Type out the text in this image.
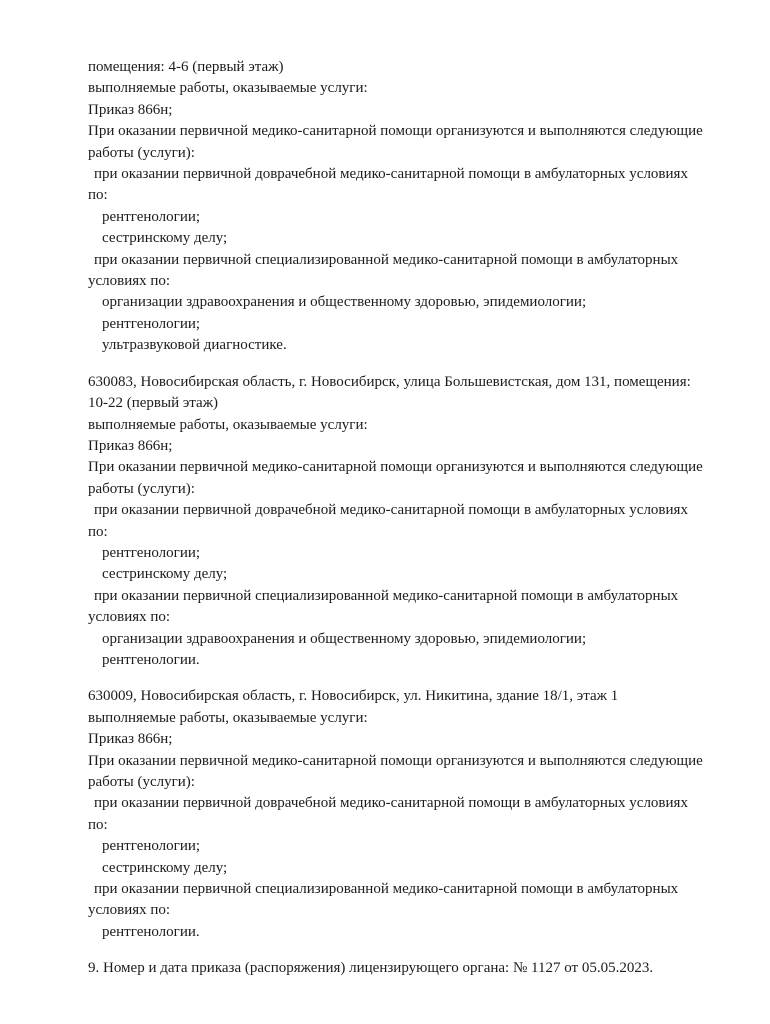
помещения: 4-6 (первый этаж)
выполняемые работы, оказываемые услуги:
Приказ 866н;
При оказании первичной медико-санитарной помощи организуются и выполняются следующие
работы (услуги):
при оказании первичной доврачебной медико-санитарной помощи в амбулаторных условиях
по:
рентгенологии;
сестринскому делу;
при оказании первичной специализированной медико-санитарной помощи в амбулаторных
условиях по:
организации здравоохранения и общественному здоровью, эпидемиологии;
рентгенологии;
ультразвуковой диагностике.
630083, Новосибирская область, г. Новосибирск, улица Большевистская, дом 131, помещения:
10-22 (первый этаж)
выполняемые работы, оказываемые услуги:
Приказ 866н;
При оказании первичной медико-санитарной помощи организуются и выполняются следующие
работы (услуги):
при оказании первичной доврачебной медико-санитарной помощи в амбулаторных условиях
по:
рентгенологии;
сестринскому делу;
при оказании первичной специализированной медико-санитарной помощи в амбулаторных
условиях по:
организации здравоохранения и общественному здоровью, эпидемиологии;
рентгенологии.
630009, Новосибирская область, г. Новосибирск, ул. Никитина, здание 18/1, этаж 1
выполняемые работы, оказываемые услуги:
Приказ 866н;
При оказании первичной медико-санитарной помощи организуются и выполняются следующие
работы (услуги):
при оказании первичной доврачебной медико-санитарной помощи в амбулаторных условиях
по:
рентгенологии;
сестринскому делу;
при оказании первичной специализированной медико-санитарной помощи в амбулаторных
условиях по:
рентгенологии.
9. Номер и дата приказа (распоряжения) лицензирующего органа: № 1127 от 05.05.2023.
